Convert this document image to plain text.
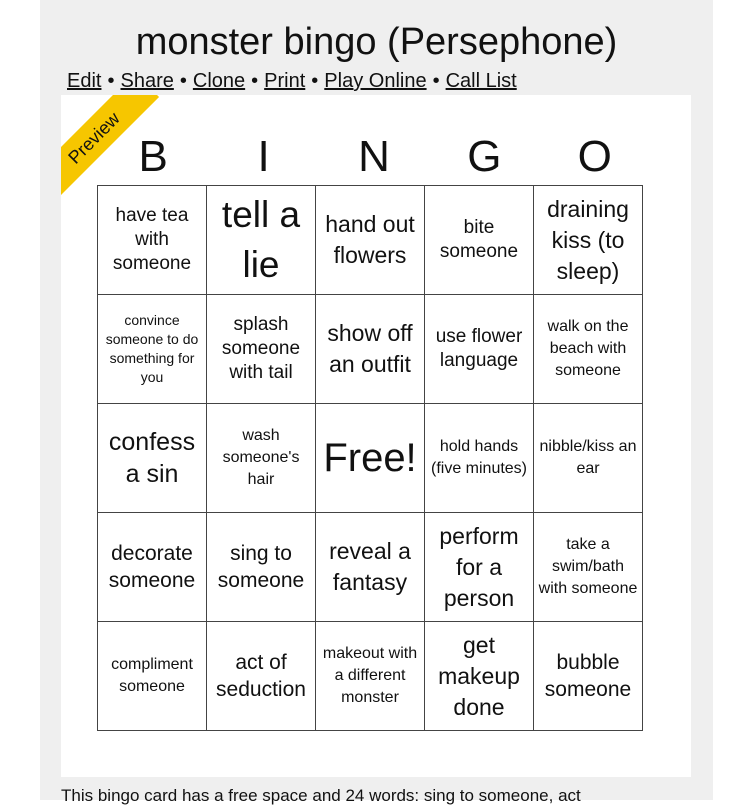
monster bingo (Persephone)
Edit • Share • Clone • Print • Play Online • Call List
Preview B	I	N	G	O
have tea with someone	tell a lie	hand out flowers	bite someone	draining kiss (to sleep)
convince someone to do something for you	splash someone with tail	show off an outfit	use flower language	walk on the beach with someone
confess a sin	wash someone's hair	Free!	hold hands (five minutes)	nibble/kiss an ear
decorate someone	sing to someone	reveal a fantasy	perform for a person	take a swim/bath with someone
compliment someone	act of seduction	makeout with a different monster	get makeup done	bubble someone
This bingo card has a free space and 24 words: sing to someone, act
